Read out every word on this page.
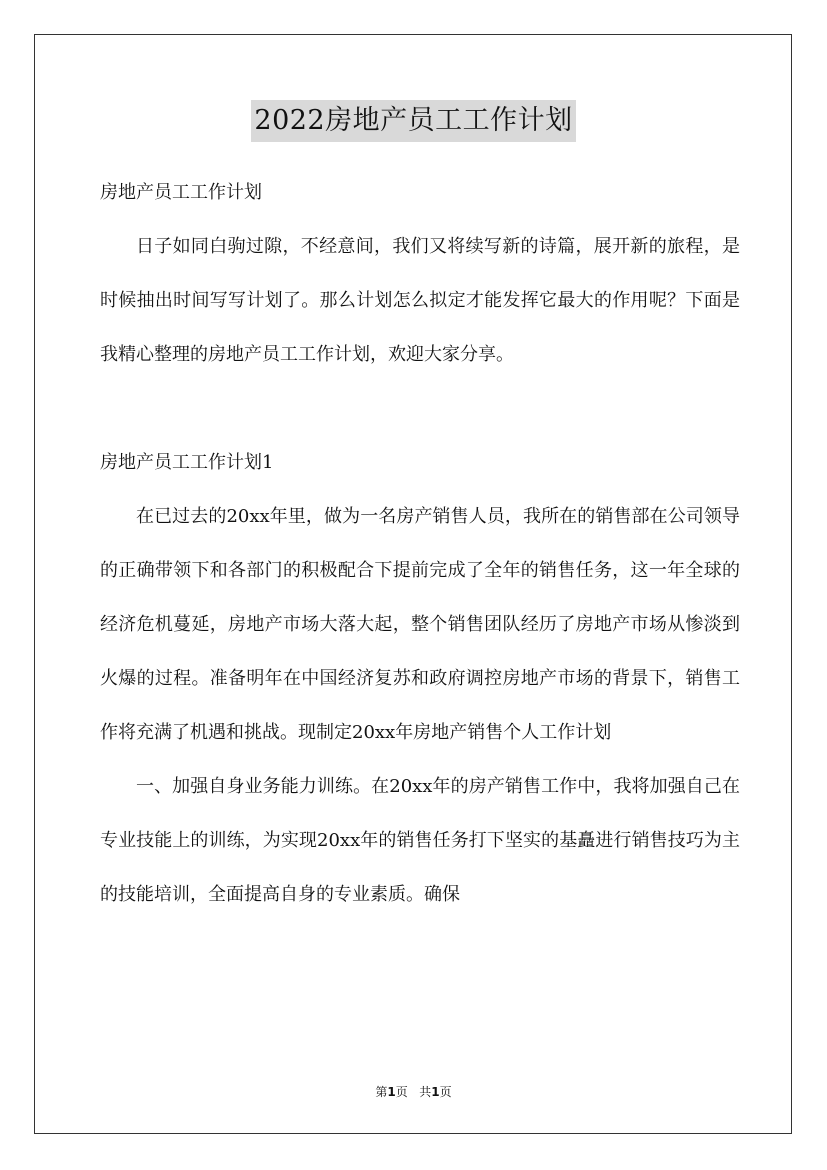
2022房地产员工工作计划

房地产员工工作计划

日子如同白驹过隙，不经意间，我们又将续写新的诗篇，展开新的旅程，是时候抽出时间写写计划了。那么计划怎么拟定才能发挥它最大的作用呢？下面是我精心整理的房地产员工工作计划，欢迎大家分享。

房地产员工工作计划1

在已过去的20xx年里，做为一名房产销售人员，我所在的销售部在公司领导的正确带领下和各部门的积极配合下提前完成了全年的销售任务，这一年全球的经济危机蔓延，房地产市场大落大起，整个销售团队经历了房地产市场从惨淡到火爆的过程。准备明年在中国经济复苏和政府调控房地产市场的背景下，销售工作将充满了机遇和挑战。现制定20xx年房地产销售个人工作计划

一、加强自身业务能力训练。在20xx年的房产销售工作中，我将加强自己在专业技能上的训练，为实现20xx年的销售任务打下坚实的基矗进行销售技巧为主的技能培训，全面提高自身的专业素质。确保

第1页 共1页
